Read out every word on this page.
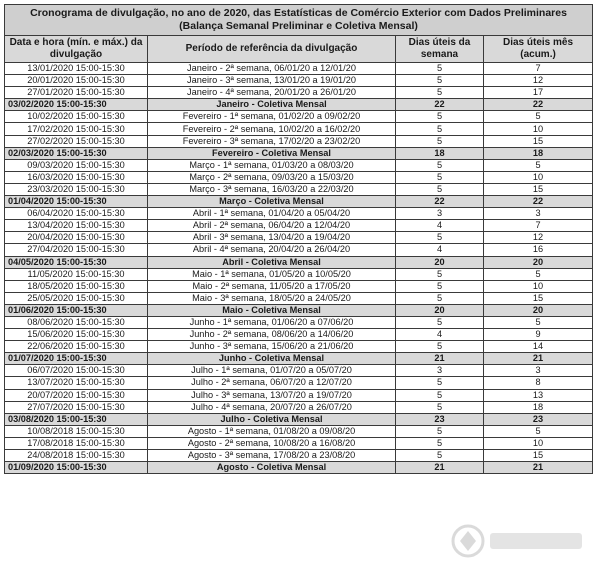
Cronograma de divulgação, no ano de 2020, das Estatísticas de Comércio Exterior com Dados Preliminares
(Balança Semanal Preliminar e Coletiva Mensal)			

Data e hora (mín. e máx.) da divulgação	Período de referência da divulgação	Dias úteis da semana	Dias úteis mês (acum.)
13/01/2020 15:00-15:30	Janeiro - 2ª semana, 06/01/20 a 12/01/20	5	7
20/01/2020 15:00-15:30	Janeiro - 3ª semana, 13/01/20 a 19/01/20	5	12
27/01/2020 15:00-15:30	Janeiro - 4ª semana, 20/01/20 a 26/01/20	5	17
03/02/2020 15:00-15:30	Janeiro - Coletiva Mensal	22	22
10/02/2020 15:00-15:30	Fevereiro - 1ª semana, 01/02/20 a 09/02/20	5	5
17/02/2020 15:00-15:30	Fevereiro - 2ª semana, 10/02/20 a 16/02/20	5	10
27/02/2020 15:00-15:30	Fevereiro - 3ª semana, 17/02/20 a 23/02/20	5	15
02/03/2020 15:00-15:30	Fevereiro - Coletiva Mensal	18	18
09/03/2020 15:00-15:30	Março - 1ª semana, 01/03/20 a 08/03/20	5	5
16/03/2020 15:00-15:30	Março - 2ª semana, 09/03/20 a 15/03/20	5	10
23/03/2020 15:00-15:30	Março - 3ª semana, 16/03/20 a 22/03/20	5	15
01/04/2020 15:00-15:30	Março - Coletiva Mensal	22	22
06/04/2020 15:00-15:30	Abril - 1ª semana, 01/04/20 a 05/04/20	3	3
13/04/2020 15:00-15:30	Abril - 2ª semana, 06/04/20 a 12/04/20	4	7
20/04/2020 15:00-15:30	Abril - 3ª semana, 13/04/20 a 19/04/20	5	12
27/04/2020 15:00-15:30	Abril - 4ª semana, 20/04/20 a 26/04/20	4	16
04/05/2020 15:00-15:30	Abril - Coletiva Mensal	20	20
11/05/2020 15:00-15:30	Maio - 1ª semana, 01/05/20 a 10/05/20	5	5
18/05/2020 15:00-15:30	Maio - 2ª semana, 11/05/20 a 17/05/20	5	10
25/05/2020 15:00-15:30	Maio - 3ª semana, 18/05/20 a 24/05/20	5	15
01/06/2020 15:00-15:30	Maio - Coletiva Mensal	20	20
08/06/2020 15:00-15:30	Junho - 1ª semana, 01/06/20 a 07/06/20	5	5
15/06/2020 15:00-15:30	Junho - 2ª semana, 08/06/20 a 14/06/20	4	9
22/06/2020 15:00-15:30	Junho - 3ª semana, 15/06/20 a 21/06/20	5	14
01/07/2020 15:00-15:30	Junho - Coletiva Mensal	21	21
06/07/2020 15:00-15:30	Julho - 1ª semana, 01/07/20 a 05/07/20	3	3
13/07/2020 15:00-15:30	Julho - 2ª semana, 06/07/20 a 12/07/20	5	8
20/07/2020 15:00-15:30	Julho - 3ª semana, 13/07/20 a 19/07/20	5	13
27/07/2020 15:00-15:30	Julho - 4ª semana, 20/07/20 a 26/07/20	5	18
03/08/2020 15:00-15:30	Julho - Coletiva Mensal	23	23
10/08/2018 15:00-15:30	Agosto - 1ª semana, 01/08/20 a 09/08/20	5	5
17/08/2018 15:00-15:30	Agosto - 2ª semana, 10/08/20 a 16/08/20	5	10
24/08/2018 15:00-15:30	Agosto - 3ª semana, 17/08/20 a 23/08/20	5	15
01/09/2020 15:00-15:30	Agosto - Coletiva Mensal	21	21
